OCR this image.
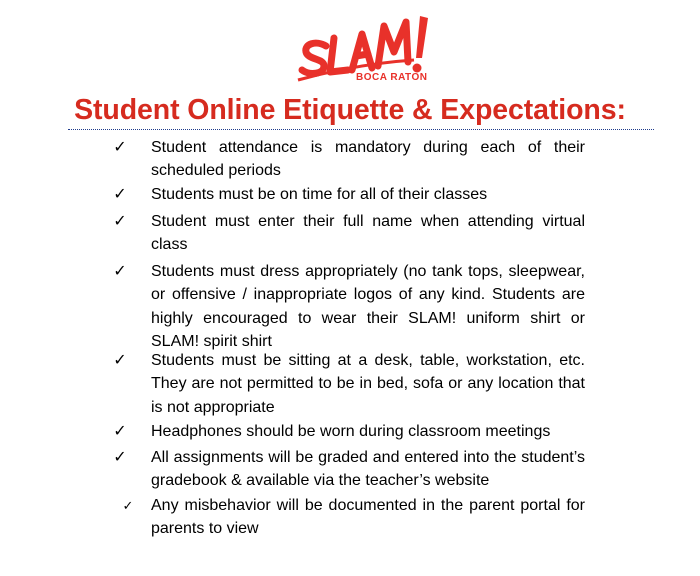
BOCA RATON
Student Online Etiquette & Expectations:
✓ Student attendance is mandatory during each of their scheduled periods
✓ Students must be on time for all of their classes
✓ Student must enter their full name when attending virtual class
✓ Students must dress appropriately (no tank tops, sleepwear, or offensive / inappropriate logos of any kind. Students are highly encouraged to wear their SLAM! uniform shirt or SLAM! spirit shirt
✓ Students must be sitting at a desk, table, workstation, etc. They are not permitted to be in bed, sofa or any location that is not appropriate
✓ Headphones should be worn during classroom meetings
✓ All assignments will be graded and entered into the student’s gradebook & available via the teacher’s website
✓ Any misbehavior will be documented in the parent portal for parents to view
